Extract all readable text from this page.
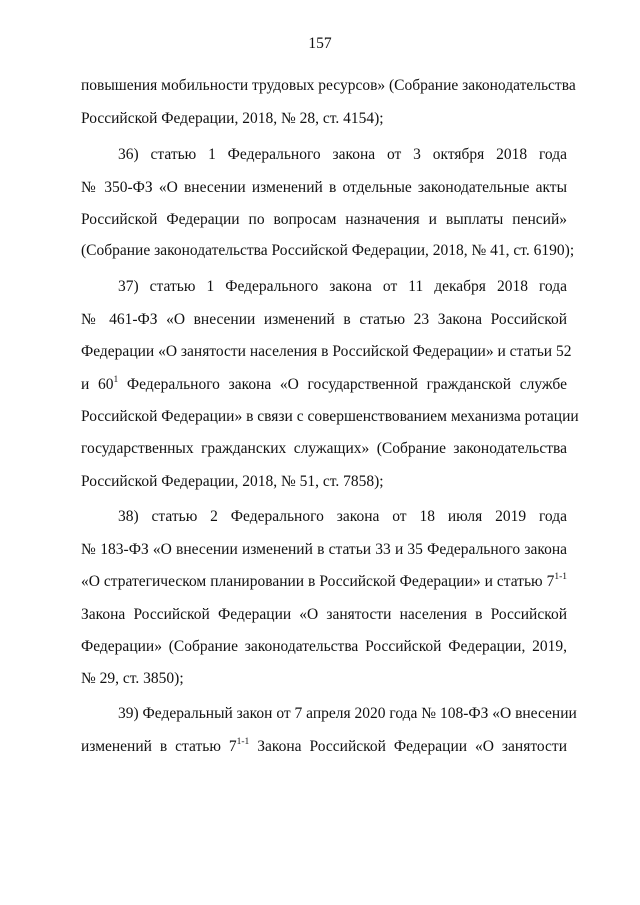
157
повышения мобильности трудовых ресурсов» (Собрание законодательства
Российской Федерации, 2018, № 28, ст. 4154);
36) статью 1 Федерального закона от 3 октября 2018 года
№ 350-ФЗ «О внесении изменений в отдельные законодательные акты
Российской Федерации по вопросам назначения и выплаты пенсий»
(Собрание законодательства Российской Федерации, 2018, № 41, ст. 6190);
37) статью 1 Федерального закона от 11 декабря 2018 года
№ 461-ФЗ «О внесении изменений в статью 23 Закона Российской
Федерации «О занятости населения в Российской Федерации» и статьи 52
и $60^1$ Федерального закона «О государственной гражданской службе
Российской Федерации» в связи с совершенствованием механизма ротации
государственных гражданских служащих» (Собрание законодательства
Российской Федерации, 2018, № 51, ст. 7858);
38) статью 2 Федерального закона от 18 июля 2019 года
№ 183-ФЗ «О внесении изменений в статьи 33 и 35 Федерального закона
«О стратегическом планировании в Российской Федерации» и статью 7$^{1-1}$
Закона Российской Федерации «О занятости населения в Российской
Федерации» (Собрание законодательства Российской Федерации, 2019,
№ 29, ст. 3850);
39) Федеральный закон от 7 апреля 2020 года № 108-ФЗ «О внесении
изменений в статью 7$^{1-1}$ Закона Российской Федерации «О занятости
